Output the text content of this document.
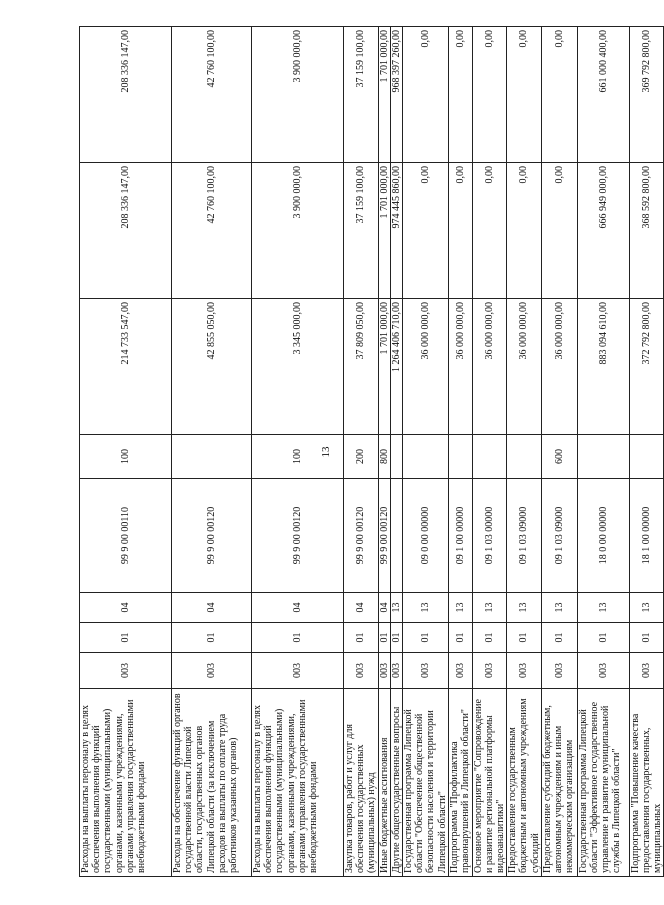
13
Расходы на выплаты персоналу в целях обеспечения выполнения функций государственными (муниципальными) органами, казенными учреждениями, органами управления государственными внебюджетными фондами	003	01	04	99 9 00 00110	100	214 733 547,00	208 336 147,00	208 336 147,00
Расходы на обеспечение функций органов государственной власти Липецкой области, государственных органов Липецкой области (за исключением расходов на выплаты по оплате труда работников указанных органов)	003	01	04	99 9 00 00120		42 855 050,00	42 760 100,00	42 760 100,00
Расходы на выплаты персоналу в целях обеспечения выполнения функций государственными (муниципальными) органами, казенными учреждениями, органами управления государственными внебюджетными фондами	003	01	04	99 9 00 00120	100	3 345 000,00	3 900 000,00	3 900 000,00
Закупка товаров, работ и услуг для обеспечения государственных (муниципальных) нужд	003	01	04	99 9 00 00120	200	37 809 050,00	37 159 100,00	37 159 100,00
Иные бюджетные ассигнования	003	01	04	99 9 00 00120	800	1 701 000,00	1 701 000,00	1 701 000,00
Другие общегосударственные вопросы	003	01	13			1 264 406 710,00	974 445 860,00	968 397 260,00
Государственная программа Липецкой области "Обеспечение общественной безопасности населения и территории Липецкой области"	003	01	13	09 0 00 00000		36 000 000,00	0,00	0,00
Подпрограмма "Профилактика правонарушений в Липецкой области"	003	01	13	09 1 00 00000		36 000 000,00	0,00	0,00
Основное мероприятие "Сопровождение и развитие региональной платформы видеоаналитики"	003	01	13	09 1 03 00000		36 000 000,00	0,00	0,00
Предоставление государственным бюджетным и автономным учреждениям субсидий	003	01	13	09 1 03 09000		36 000 000,00	0,00	0,00
Предоставление субсидий бюджетным, автономным учреждениям и иным некоммерческим организациям	003	01	13	09 1 03 09000	600	36 000 000,00	0,00	0,00
Государственная программа Липецкой области "Эффективное государственное управление и развитие муниципальной службы в Липецкой области"	003	01	13	18 0 00 00000		883 094 610,00	666 949 000,00	661 000 400,00
Подпрограмма "Повышение качества предоставления государственных, муниципальных	003	01	13	18 1 00 00000		372 792 800,00	368 592 800,00	369 792 800,00
